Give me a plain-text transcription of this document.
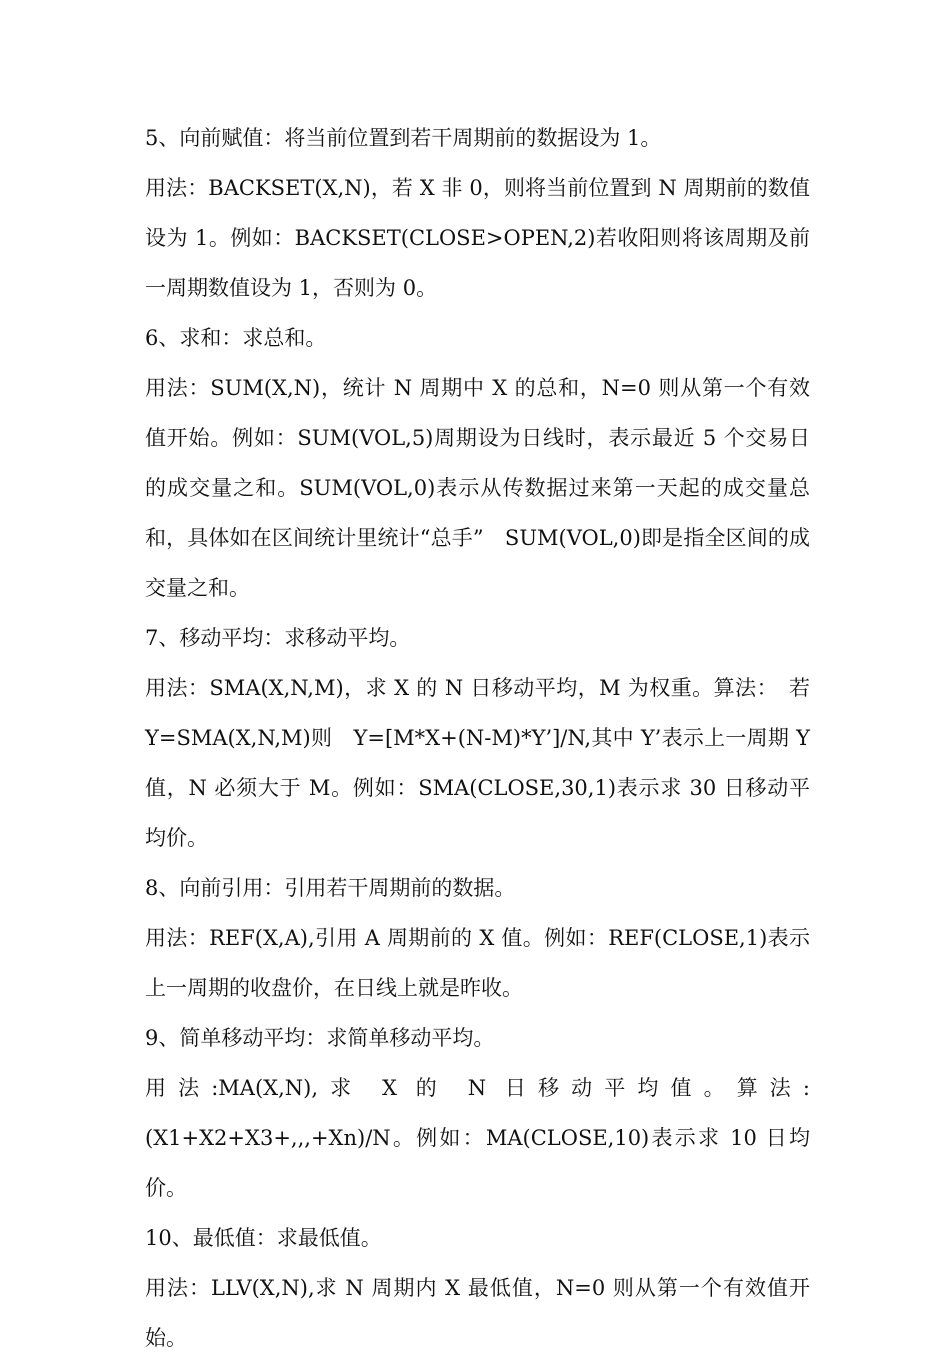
5、向前赋值：将当前位置到若干周期前的数据设为 1。

用法：BACKSET(X,N)，若 X 非 0，则将当前位置到 N 周期前的数值设为 1。例如：BACKSET(CLOSE>OPEN,2)若收阳则将该周期及前一周期数值设为 1，否则为 0。

6、求和：求总和。

用法：SUM(X,N)，统计 N 周期中 X 的总和，N=0 则从第一个有效值开始。例如：SUM(VOL,5)周期设为日线时，表示最近 5 个交易日的成交量之和。SUM(VOL,0)表示从传数据过来第一天起的成交量总和，具体如在区间统计里统计“总手”　SUM(VOL,0)即是指全区间的成交量之和。

7、移动平均：求移动平均。

用法：SMA(X,N,M)，求 X 的 N 日移动平均，M 为权重。算法：　若 Y=SMA(X,N,M)则　Y=[M*X+(N-M)*Y’]/N,其中 Y’表示上一周期 Y 值，N 必须大于 M。例如：SMA(CLOSE,30,1)表示求 30 日移动平均价。

8、向前引用：引用若干周期前的数据。

用法：REF(X,A),引用 A 周期前的 X 值。例如：REF(CLOSE,1)表示上一周期的收盘价，在日线上就是昨收。

9、简单移动平均：求简单移动平均。

用法:MA(X,N),求 X 的 N 日移动平均值。算法:(X1+X2+X3+,,,+Xn)/N。例如：MA(CLOSE,10)表示求 10 日均价。

10、最低值：求最低值。

用法：LLV(X,N),求 N 周期内 X 最低值，N=0 则从第一个有效值开始。
